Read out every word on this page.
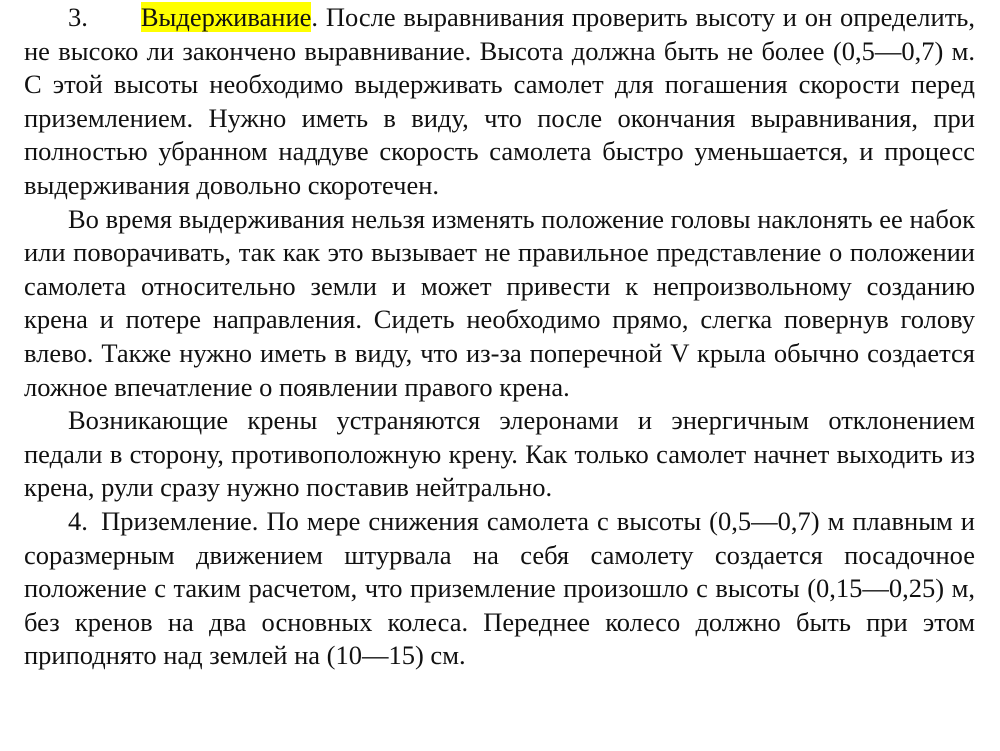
3.   Выдерживание. После выравнивания проверить высоту и он определить, не высоко ли закончено выравнивание. Высота должна быть не более (0,5—0,7) м. С этой высоты необходимо выдерживать самолет для погашения скорости перед приземлением. Нужно иметь в виду, что после окончания выравнивания, при полностью убранном наддуве скорость самолета быстро уменьшается, и процесс выдерживания довольно скоротечен.

Во время выдерживания нельзя изменять положение головы наклонять ее набок или поворачивать, так как это вызывает не правильное представление о положении самолета относительно земли и может привести к непроизвольному созданию крена и потере направления. Сидеть необходимо прямо, слегка повернув голову влево. Также нужно иметь в виду, что из-за поперечной V крыла обычно создается ложное впечатление о появлении правого крена.

Возникающие крены устраняются элеронами и энергичным отклонением педали в сторону, противоположную крену. Как только самолет начнет выходить из крена, рули сразу нужно поставив нейтрально.

4.  Приземление. По мере снижения самолета с высоты (0,5—0,7) м плавным и соразмерным движением штурвала на себя самолету создается посадочное положение с таким расчетом, что приземление произошло с высоты (0,15—0,25) м, без кренов на два основных колеса. Переднее колесо должно быть при этом приподнято над землей на (10—15) см.
